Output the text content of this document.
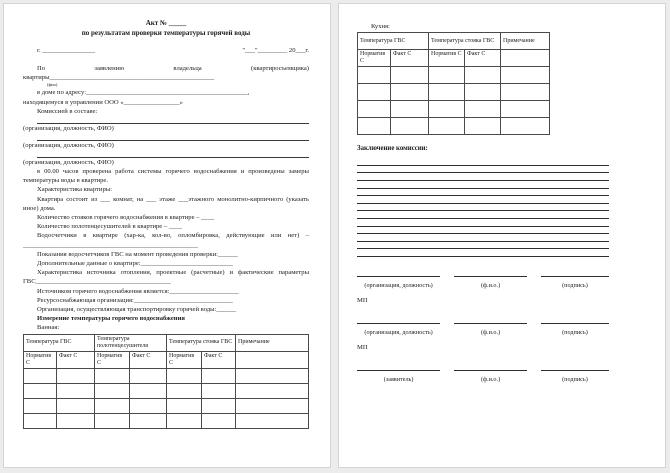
Акт № _____

по результатам проверки температуры горячей воды

г. ________________	"___"_________ 20___г.

По заявлению владельца (квартиросъемщика) квартиры__________________________________________________

(фио)

в доме по адресу:_________________________________________________,

находящемуся в управлении ООО «_________________»

Комиссией в составе:

(организация, должность, ФИО)

(организация, должность, ФИО)

(организация, должность, ФИО)

в 00.00 часов проверена работа системы горячего водоснабжения и произведены замеры температуры воды в квартире.

Характеристика квартиры:

Квартира состоит из ___ комнат, на ___ этаже ___этажного монолитно-кирпичного (указать иное) дома.

Количество стояков горячего водоснабжения в квартире – ____

Количество полотенцесушителей в квартире – ____

Водосчетчики в квартире (хар-ка, кол-во, опломбировка, действующие или нет) – _____________________________________________________

Показания водосчетчиков ГВС на момент проведения проверки:______

Дополнительные данные о квартире:____________________________

Характеристика источника отопления, проектные (расчетные) и фактические параметры ГВС_________________________________________

Источником горячего водоснабжения является:_____________________

Ресурсоснабжающая организация:______________________________

Организация, осуществляющая транспортировку горячей воды:______

Измерение температуры горячего водоснабжения

Ванная:

Температура ГВС		Температура полотенцесушителя		Температура стояка ГВС		Примечание
Норматив С	Факт С	Норматив С	Факт С	Норматив С	Факт С	

Кухня:

Температура ГВС		Температура стояка ГВС		Примечание
Норматив С	Факт С	Норматив С	Факт С	

Заключение комиссии:

(организация, должность)	(ф.и.о.)	(подпись)

МП

(организация, должность)	(ф.и.о.)	(подпись)

МП

(заявитель)	(ф.и.о.)	(подпись)
